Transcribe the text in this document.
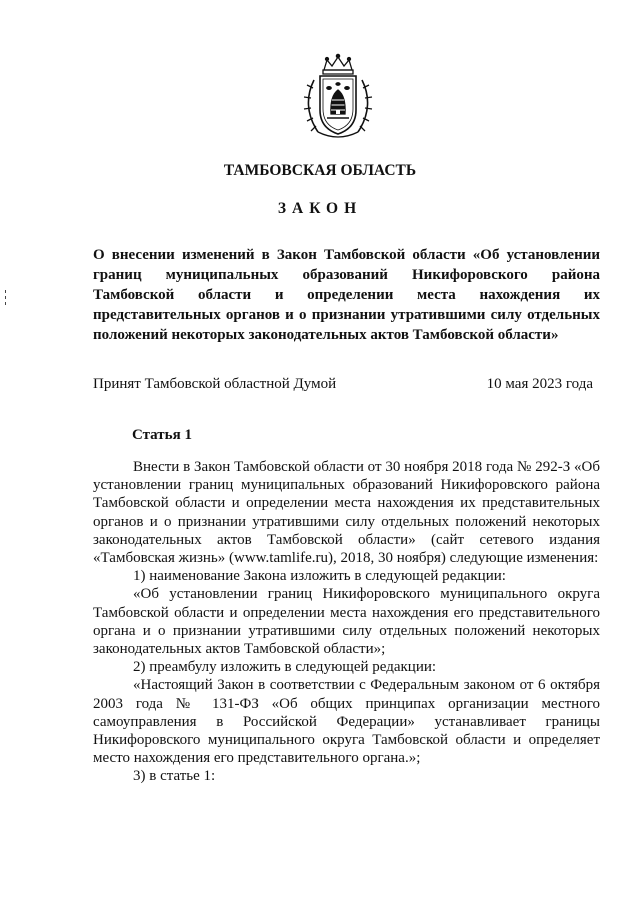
ТАМБОВСКАЯ ОБЛАСТЬ
ЗАКОН
О внесении изменений в Закон Тамбовской области «Об установлении границ муниципальных образований Никифоровского района Тамбовской области и определении места нахождения их представительных органов и о признании утратившими силу отдельных положений некоторых законодательных актов Тамбовской области»
Принят Тамбовской областной Думой	10 мая 2023 года
Статья 1

Внести в Закон Тамбовской области от 30 ноября 2018 года № 292-З «Об установлении границ муниципальных образований Никифоровского района Тамбовской области и определении места нахождения их представительных органов и о признании утратившими силу отдельных положений некоторых законодательных актов Тамбовской области» (сайт сетевого издания «Тамбовская жизнь» (www.tamlife.ru), 2018, 30 ноября) следующие изменения:

1) наименование Закона изложить в следующей редакции:

«Об установлении границ Никифоровского муниципального округа Тамбовской области и определении места нахождения его представительного органа и о признании утратившими силу отдельных положений некоторых законодательных актов Тамбовской области»;

2) преамбулу изложить в следующей редакции:

«Настоящий Закон в соответствии с Федеральным законом от 6 октября 2003 года № 131-ФЗ «Об общих принципах организации местного самоуправления в Российской Федерации» устанавливает границы Никифоровского муниципального округа Тамбовской области и определяет место нахождения его представительного органа.»;

3) в статье 1:
